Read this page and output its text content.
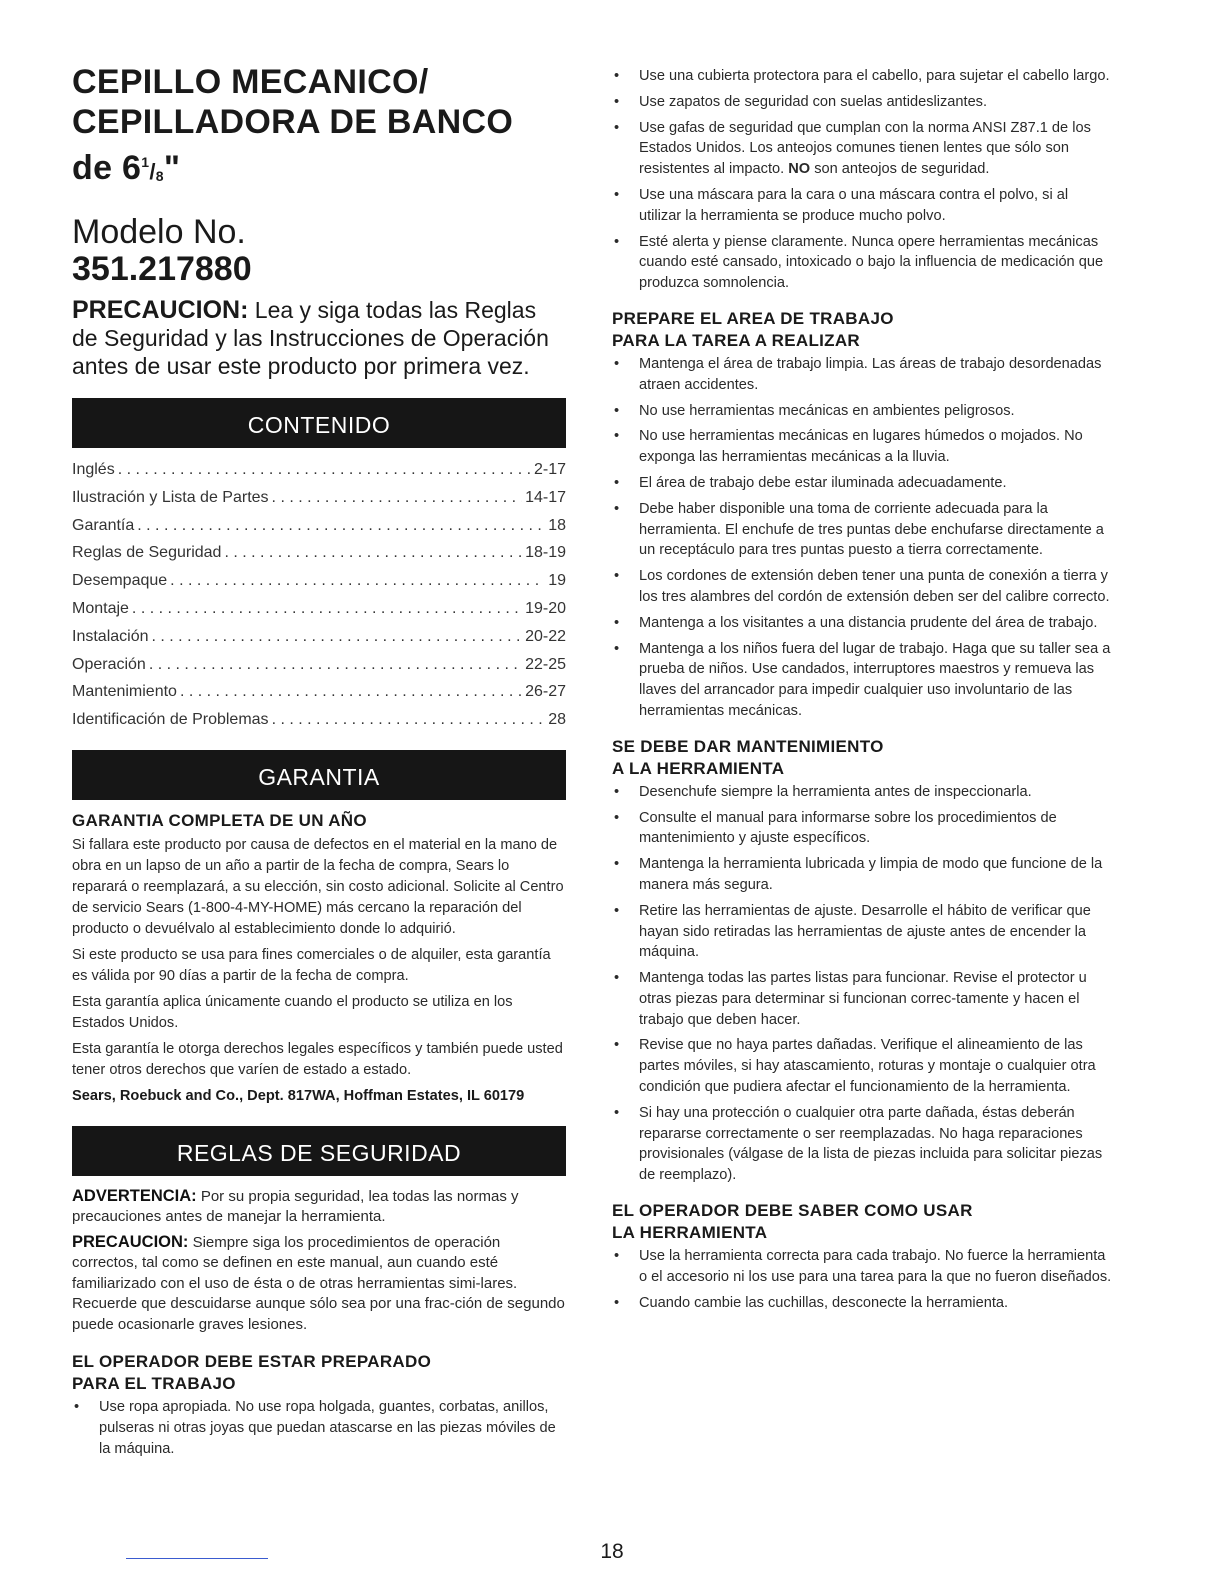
CEPILLO MECANICO/
CEPILLADORA DE BANCO
de $6^1/_8$"
Modelo No.
351.217880
PRECAUCION: Lea y siga todas las Reglas de Seguridad y las Instrucciones de Operación antes de usar este producto por primera vez.
CONTENIDO
Inglés . . .	2-17
Ilustración y Lista de Partes . . .	14-17
Garantía . . .	18
Reglas de Seguridad . . .	18-19
Desempaque . . .	19
Montaje . . .	19-20
Instalación . . .	20-22
Operación . . .	22-25
Mantenimiento . . .	26-27
Identificación de Problemas . . .	28
GARANTIA
GARANTIA COMPLETA DE UN AÑO

Si fallara este producto por causa de defectos en el material en la mano de obra en un lapso de un año a partir de la fecha de compra, Sears lo reparará o reemplazará, a su elección, sin costo adicional. Solicite al Centro de servicio Sears (1-800-4-MY-HOME) más cercano la reparación del producto o devuélvalo al establecimiento donde lo adquirió.

Si este producto se usa para fines comerciales o de alquiler, esta garantía es válida por 90 días a partir de la fecha de compra.

Esta garantía aplica únicamente cuando el producto se utiliza en los Estados Unidos.

Esta garantía le otorga derechos legales específicos y también puede usted tener otros derechos que varíen de estado a estado.

Sears, Roebuck and Co., Dept. 817WA, Hoffman Estates, IL 60179

REGLAS DE SEGURIDAD
ADVERTENCIA: Por su propia seguridad, lea todas las normas y precauciones antes de manejar la herramienta.
PRECAUCION: Siempre siga los procedimientos de operación correctos, tal como se definen en este manual, aun cuando esté familiarizado con el uso de ésta o de otras herramientas simi-lares. Recuerde que descuidarse aunque sólo sea por una frac-ción de segundo puede ocasionarle graves lesiones.
EL OPERADOR DEBE ESTAR PREPARADO
PARA EL TRABAJO
• Use ropa apropiada. No use ropa holgada, guantes, corbatas, anillos, pulseras ni otras joyas que puedan atascarse en las piezas móviles de la máquina.
• Use una cubierta protectora para el cabello, para sujetar el cabello largo.
• Use zapatos de seguridad con suelas antideslizantes.
• Use gafas de seguridad que cumplan con la norma ANSI Z87.1 de los Estados Unidos. Los anteojos comunes tienen lentes que sólo son resistentes al impacto. NO son anteojos de seguridad.
• Use una máscara para la cara o una máscara contra el polvo, si al utilizar la herramienta se produce mucho polvo.
• Esté alerta y piense claramente. Nunca opere herramientas mecánicas cuando esté cansado, intoxicado o bajo la influencia de medicación que produzca somnolencia.
PREPARE EL AREA DE TRABAJO
PARA LA TAREA A REALIZAR
• Mantenga el área de trabajo limpia. Las áreas de trabajo desordenadas atraen accidentes.
• No use herramientas mecánicas en ambientes peligrosos.
• No use herramientas mecánicas en lugares húmedos o mojados. No exponga las herramientas mecánicas a la lluvia.
• El área de trabajo debe estar iluminada adecuadamente.
• Debe haber disponible una toma de corriente adecuada para la herramienta. El enchufe de tres puntas debe enchufarse directamente a un receptáculo para tres puntas puesto a tierra correctamente.
• Los cordones de extensión deben tener una punta de conexión a tierra y los tres alambres del cordón de extensión deben ser del calibre correcto.
• Mantenga a los visitantes a una distancia prudente del área de trabajo.
• Mantenga a los niños fuera del lugar de trabajo. Haga que su taller sea a prueba de niños. Use candados, interruptores maestros y remueva las llaves del arrancador para impedir cualquier uso involuntario de las herramientas mecánicas.
SE DEBE DAR MANTENIMIENTO
A LA HERRAMIENTA
• Desenchufe siempre la herramienta antes de inspeccionarla.
• Consulte el manual para informarse sobre los procedimientos de mantenimiento y ajuste específicos.
• Mantenga la herramienta lubricada y limpia de modo que funcione de la manera más segura.
• Retire las herramientas de ajuste. Desarrolle el hábito de verificar que hayan sido retiradas las herramientas de ajuste antes de encender la máquina.
• Mantenga todas las partes listas para funcionar. Revise el protector u otras piezas para determinar si funcionan correc-tamente y hacen el trabajo que deben hacer.
• Revise que no haya partes dañadas. Verifique el alineamiento de las partes móviles, si hay atascamiento, roturas y montaje o cualquier otra condición que pudiera afectar el funcionamiento de la herramienta.
• Si hay una protección o cualquier otra parte dañada, éstas deberán repararse correctamente o ser reemplazadas. No haga reparaciones provisionales (válgase de la lista de piezas incluida para solicitar piezas de reemplazo).
EL OPERADOR DEBE SABER COMO USAR
LA HERRAMIENTA
• Use la herramienta correcta para cada trabajo. No fuerce la herramienta o el accesorio ni los use para una tarea para la que no fueron diseñados.
• Cuando cambie las cuchillas, desconecte la herramienta.
18
